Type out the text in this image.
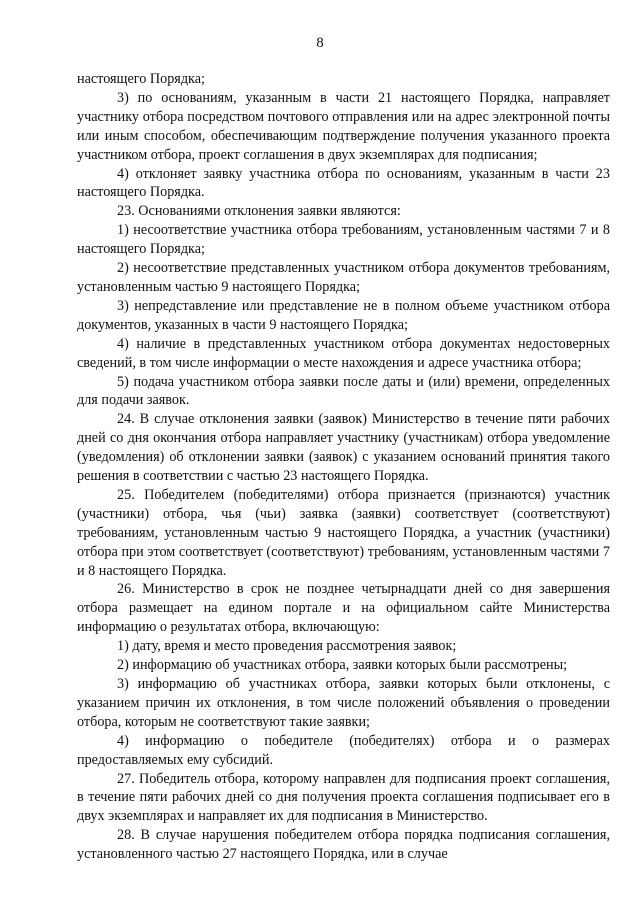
8

настоящего Порядка;

3) по основаниям, указанным в части 21 настоящего Порядка, направляет участнику отбора посредством почтового отправления или на адрес электронной почты или иным способом, обеспечивающим подтверждение получения указанного проекта участником отбора, проект соглашения в двух экземплярах для подписания;

4) отклоняет заявку участника отбора по основаниям, указанным в части 23 настоящего Порядка.

23. Основаниями отклонения заявки являются:

1) несоответствие участника отбора требованиям, установленным частями 7 и 8 настоящего Порядка;

2) несоответствие представленных участником отбора документов требованиям, установленным частью 9 настоящего Порядка;

3) непредставление или представление не в полном объеме участником отбора документов, указанных в части 9 настоящего Порядка;

4) наличие в представленных участником отбора документах недостоверных сведений, в том числе информации о месте нахождения и адресе участника отбора;

5) подача участником отбора заявки после даты и (или) времени, определенных для подачи заявок.

24. В случае отклонения заявки (заявок) Министерство в течение пяти рабочих дней со дня окончания отбора направляет участнику (участникам) отбора уведомление (уведомления) об отклонении заявки (заявок) с указанием оснований принятия такого решения в соответствии с частью 23 настоящего Порядка.

25. Победителем (победителями) отбора признается (признаются) участник (участники) отбора, чья (чьи) заявка (заявки) соответствует (соответствуют) требованиям, установленным частью 9 настоящего Порядка, а участник (участники) отбора при этом соответствует (соответствуют) требованиям, установленным частями 7 и 8 настоящего Порядка.

26. Министерство в срок не позднее четырнадцати дней со дня завершения отбора размещает на едином портале и на официальном сайте Министерства информацию о результатах отбора, включающую:

1) дату, время и место проведения рассмотрения заявок;

2) информацию об участниках отбора, заявки которых были рассмотрены;

3) информацию об участниках отбора, заявки которых были отклонены, с указанием причин их отклонения, в том числе положений объявления о проведении отбора, которым не соответствуют такие заявки;

4) информацию о победителе (победителях) отбора и о размерах предоставляемых ему субсидий.

27. Победитель отбора, которому направлен для подписания проект соглашения, в течение пяти рабочих дней со дня получения проекта соглашения подписывает его в двух экземплярах и направляет их для подписания в Министерство.

28. В случае нарушения победителем отбора порядка подписания соглашения, установленного частью 27 настоящего Порядка, или в случае
